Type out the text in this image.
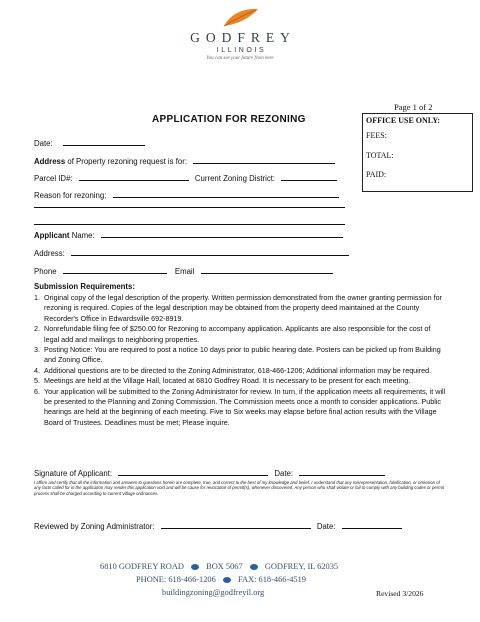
GODFREY
ILLINOIS
You can see your future from here
Page 1 of 2
OFFICE USE ONLY:
FEES:
TOTAL:
PAID:
APPLICATION FOR REZONING
Date:
Address of Property rezoning request is for:
Parcel ID#:	Current Zoning District:
Reason for rezoning:
Applicant Name:
Address:
Phone	Email
Submission Requirements:
1. Original copy of the legal description of the property. Written permission demonstrated from the owner granting permission for rezoning is required. Copies of the legal description may be obtained from the property deed maintained at the County Recorder's Office in Edwardsville 692-8919.
2. Nonrefundable filing fee of $250.00 for Rezoning to accompany application. Applicants are also responsible for the cost of legal add and mailings to neighboring properties.
3. Posting Notice: You are required to post a notice 10 days prior to public hearing date. Posters can be picked up from Building and Zoning Office.
4. Additional questions are to be directed to the Zoning Administrator, 618-466-1206; Additional information may be required.
5. Meetings are held at the Village Hall, located at 6810 Godfrey Road. It is necessary to be present for each meeting.
6. Your application will be submitted to the Zoning Administrator for review. In turn, if the application meets all requirements, it will be presented to the Planning and Zoning Commission. The Commission meets once a month to consider applications. Public hearings are held at the beginning of each meeting. Five to Six weeks may elapse before final action results with the Village Board of Trustees. Deadlines must be met; Please inquire.
Signature of Applicant:	Date:
I affirm and certify that all the information and answers to questions herein are complete, true, and correct to the best of my knowledge and belief. I understand that any misrepresentation, falsification, or omission of any facts called for in the application may render this application void and will be cause for revocation of permit(s), whenever discovered. Any person who shall violate or fail to comply with any building codes or permit process shall be charged according to current Village ordinances.
Reviewed by Zoning Administrator:	Date:
6810 GODFREY ROAD	BOX 5067	GODFREY, IL 62035
PHONE: 618-466-1206	FAX: 618-466-4519
buildingzoning@godfreyil.org	Revised 3/2026
